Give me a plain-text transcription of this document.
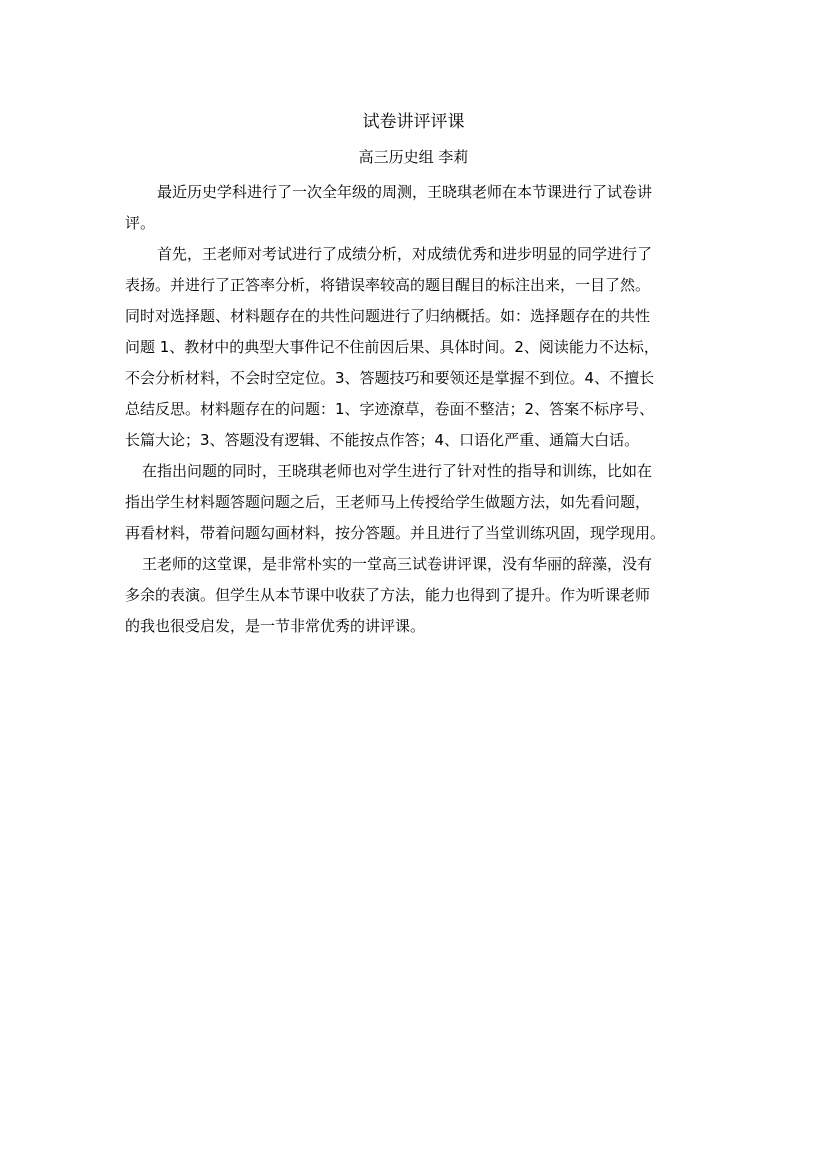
试卷讲评评课
高三历史组 李莉
最近历史学科进行了一次全年级的周测，王晓琪老师在本节课进行了试卷讲
评。
首先，王老师对考试进行了成绩分析，对成绩优秀和进步明显的同学进行了
表扬。并进行了正答率分析，将错误率较高的题目醒目的标注出来，一目了然。
同时对选择题、材料题存在的共性问题进行了归纳概括。如：选择题存在的共性
问题 1、教材中的典型大事件记不住前因后果、具体时间。2、阅读能力不达标，
不会分析材料，不会时空定位。3、答题技巧和要领还是掌握不到位。4、不擅长
总结反思。材料题存在的问题：1、字迹潦草，卷面不整洁；2、答案不标序号、
长篇大论；3、答题没有逻辑、不能按点作答；4、口语化严重、通篇大白话。
在指出问题的同时，王晓琪老师也对学生进行了针对性的指导和训练，比如在
指出学生材料题答题问题之后，王老师马上传授给学生做题方法，如先看问题，
再看材料，带着问题勾画材料，按分答题。并且进行了当堂训练巩固，现学现用。
王老师的这堂课，是非常朴实的一堂高三试卷讲评课，没有华丽的辞藻，没有
多余的表演。但学生从本节课中收获了方法，能力也得到了提升。作为听课老师
的我也很受启发，是一节非常优秀的讲评课。
